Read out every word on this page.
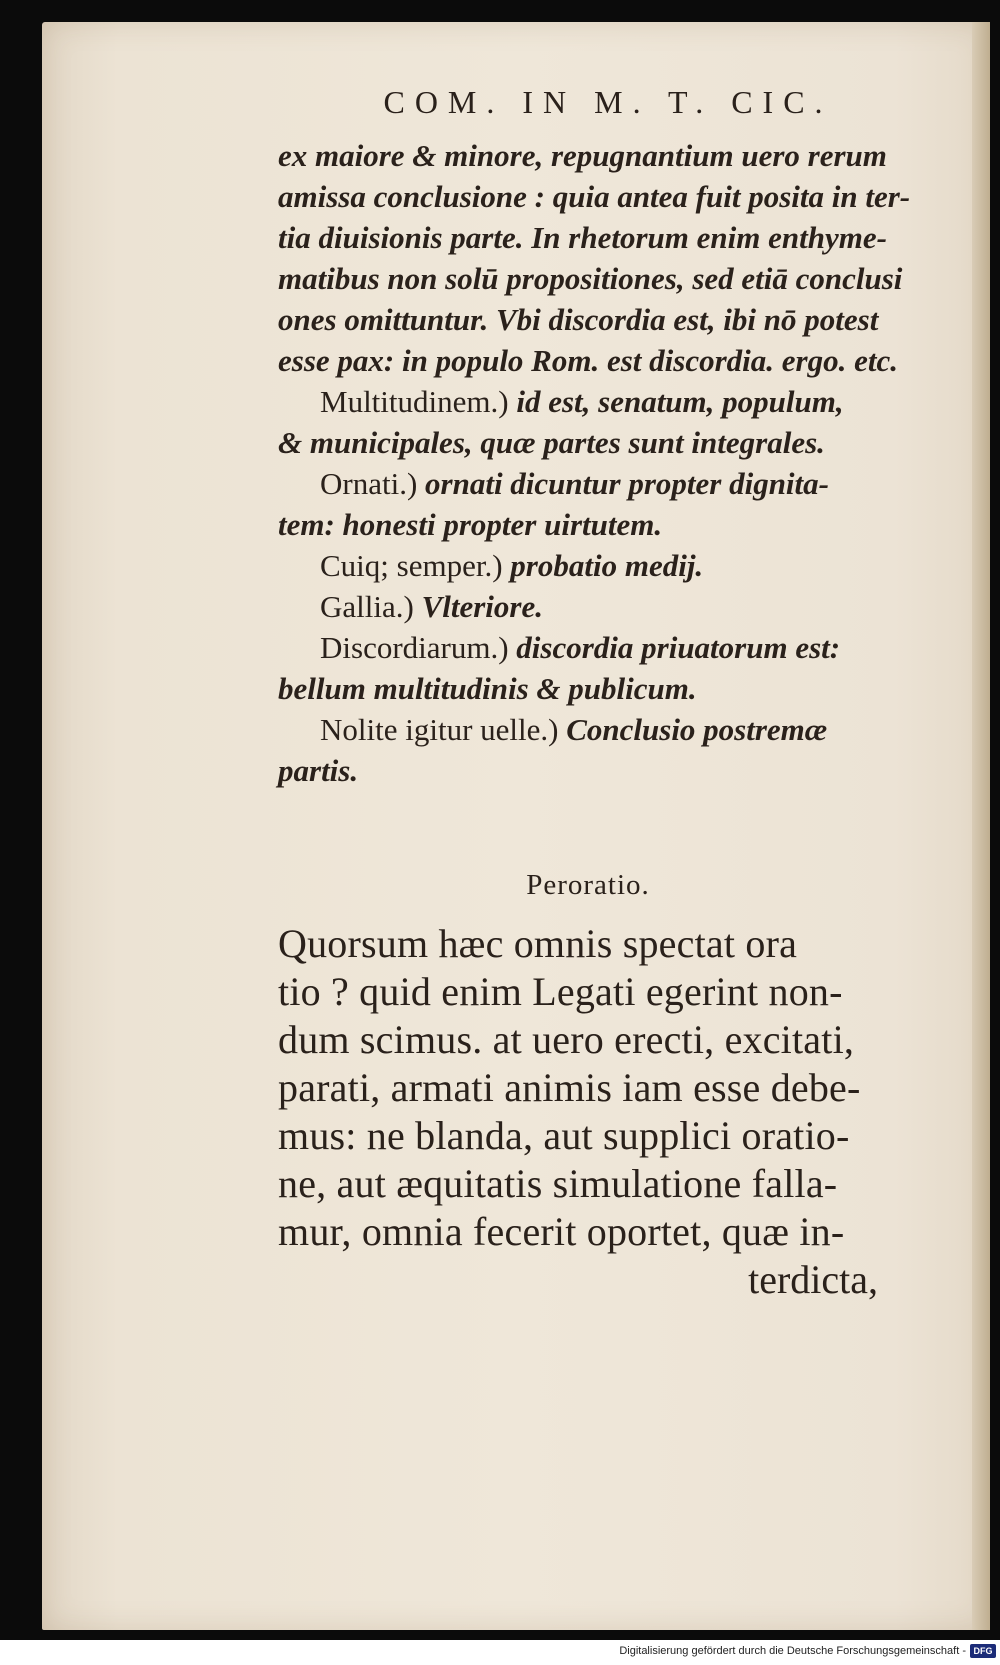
COM. IN M. T. CIC.
ex maiore & minore, repugnantium uero rerum
amissa conclusione : quia antea fuit posita in ter-
tia diuisionis parte. In rhetorum enim enthyme-
matibus non solū propositiones, sed etiā conclusi
ones omittuntur. Vbi discordia est, ibi nō potest
esse pax: in populo Rom. est discordia. ergo. etc.
Multitudinem.) id est, senatum, populum,
& municipales, quæ partes sunt integrales.
Ornati.) ornati dicuntur propter dignita-
tem: honesti propter uirtutem.
Cuiq; semper.) probatio medij.
Gallia.) Vlteriore.
Discordiarum.) discordia priuatorum est:
bellum multitudinis & publicum.
Nolite igitur uelle.) Conclusio postremæ
partis.
Peroratio.
Quorsum hæc omnis spectat ora
tio ? quid enim Legati egerint non-
dum scimus. at uero erecti, excitati,
parati, armati animis iam esse debe-
mus: ne blanda, aut supplici oratio-
ne, aut æquitatis simulatione falla-
mur, omnia fecerit oportet, quæ in-
terdicta,
Digitalisierung gefördert durch die Deutsche Forschungsgemeinschaft - DFG
